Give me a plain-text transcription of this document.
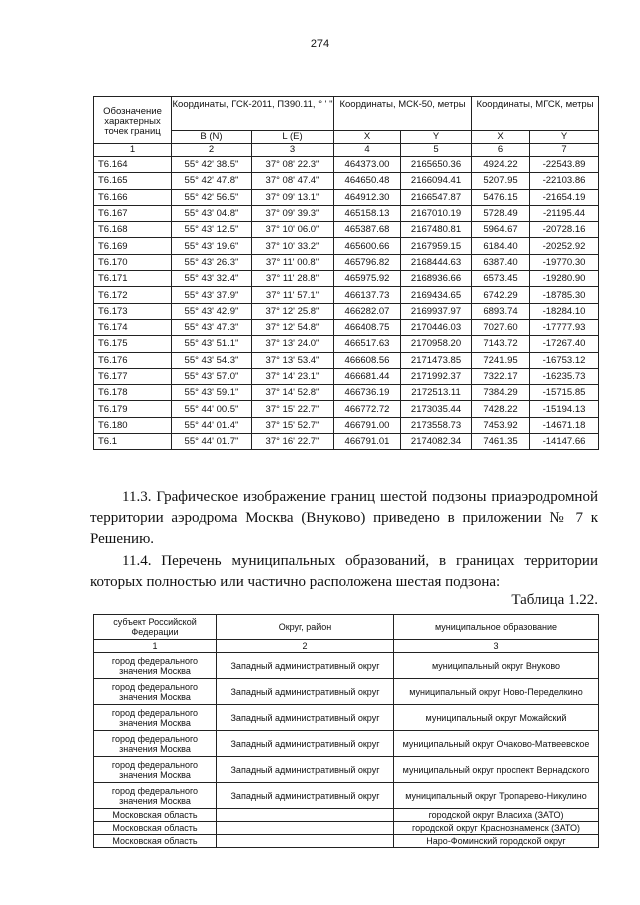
274
Обозначение характерных точек границ	Координаты, ГСК-2011, ПЗ90.11, ° ' "		Координаты, МСК-50, метры		Координаты, МГСК, метры	
	B (N)	L (E)	X	Y	X	Y
1	2	3	4	5	6	7
Т6.164	55° 42' 38.5"	37° 08' 22.3"	464373.00	2165650.36	4924.22	-22543.89
Т6.165	55° 42' 47.8"	37° 08' 47.4"	464650.48	2166094.41	5207.95	-22103.86
Т6.166	55° 42' 56.5"	37° 09' 13.1"	464912.30	2166547.87	5476.15	-21654.19
Т6.167	55° 43' 04.8"	37° 09' 39.3"	465158.13	2167010.19	5728.49	-21195.44
Т6.168	55° 43' 12.5"	37° 10' 06.0"	465387.68	2167480.81	5964.67	-20728.16
Т6.169	55° 43' 19.6"	37° 10' 33.2"	465600.66	2167959.15	6184.40	-20252.92
Т6.170	55° 43' 26.3"	37° 11' 00.8"	465796.82	2168444.63	6387.40	-19770.30
Т6.171	55° 43' 32.4"	37° 11' 28.8"	465975.92	2168936.66	6573.45	-19280.90
Т6.172	55° 43' 37.9"	37° 11' 57.1"	466137.73	2169434.65	6742.29	-18785.30
Т6.173	55° 43' 42.9"	37° 12' 25.8"	466282.07	2169937.97	6893.74	-18284.10
Т6.174	55° 43' 47.3"	37° 12' 54.8"	466408.75	2170446.03	7027.60	-17777.93
Т6.175	55° 43' 51.1"	37° 13' 24.0"	466517.63	2170958.20	7143.72	-17267.40
Т6.176	55° 43' 54.3"	37° 13' 53.4"	466608.56	2171473.85	7241.95	-16753.12
Т6.177	55° 43' 57.0"	37° 14' 23.1"	466681.44	2171992.37	7322.17	-16235.73
Т6.178	55° 43' 59.1"	37° 14' 52.8"	466736.19	2172513.11	7384.29	-15715.85
Т6.179	55° 44' 00.5"	37° 15' 22.7"	466772.72	2173035.44	7428.22	-15194.13
Т6.180	55° 44' 01.4"	37° 15' 52.7"	466791.00	2173558.73	7453.92	-14671.18
Т6.1	55° 44' 01.7"	37° 16' 22.7"	466791.01	2174082.34	7461.35	-14147.66
11.3. Графическое изображение границ шестой подзоны приаэродромной территории аэродрома Москва (Внуково) приведено в приложении № 7 к Решению.
11.4. Перечень муниципальных образований, в границах территории которых полностью или частично расположена шестая подзона:
Таблица 1.22.
субъект Российской Федерации	Округ, район	муниципальное образование
1	2	3
город федерального значения Москва	Западный административный округ	муниципальный округ Внуково
город федерального значения Москва	Западный административный округ	муниципальный округ Ново-Переделкино
город федерального значения Москва	Западный административный округ	муниципальный округ Можайский
город федерального значения Москва	Западный административный округ	муниципальный округ Очаково-Матвеевское
город федерального значения Москва	Западный административный округ	муниципальный округ проспект Вернадского
город федерального значения Москва	Западный административный округ	муниципальный округ Тропарево-Никулино
Московская область		городской округ Власиха (ЗАТО)
Московская область		городской округ Краснознаменск (ЗАТО)
Московская область		Наро-Фоминский городской округ
